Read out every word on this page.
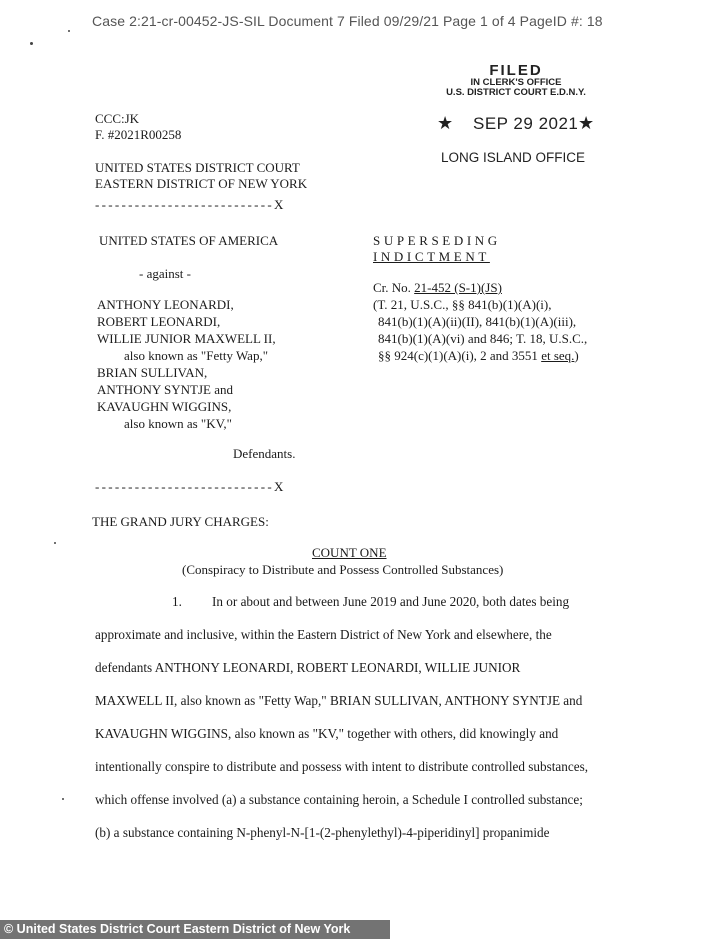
Case 2:21-cr-00452-JS-SIL Document 7 Filed 09/29/21 Page 1 of 4 PageID #: 18
FILED
IN CLERK'S OFFICE
U.S. DISTRICT COURT E.D.N.Y.
★ SEP 29 2021 ★
LONG ISLAND OFFICE
CCC:JK
F. #2021R00258
UNITED STATES DISTRICT COURT
EASTERN DISTRICT OF NEW YORK
---------------------------X
UNITED STATES OF AMERICA
- against -
ANTHONY LEONARDI,
ROBERT LEONARDI,
WILLIE JUNIOR MAXWELL II,
also known as "Fetty Wap,"
BRIAN SULLIVAN,
ANTHONY SYNTJE and
KAVAUGHN WIGGINS,
also known as "KV,"
Defendants.
---------------------------X
SUPERSEDING
INDICTMENT
Cr. No. 21-452 (S-1)(JS)
(T. 21, U.S.C., §§ 841(b)(1)(A)(i),
841(b)(1)(A)(ii)(II), 841(b)(1)(A)(iii),
841(b)(1)(A)(vi) and 846; T. 18, U.S.C.,
§§ 924(c)(1)(A)(i), 2 and 3551 et seq.)
THE GRAND JURY CHARGES:
COUNT ONE
(Conspiracy to Distribute and Possess Controlled Substances)
1. In or about and between June 2019 and June 2020, both dates being
approximate and inclusive, within the Eastern District of New York and elsewhere, the
defendants ANTHONY LEONARDI, ROBERT LEONARDI, WILLIE JUNIOR
MAXWELL II, also known as "Fetty Wap," BRIAN SULLIVAN, ANTHONY SYNTJE and
KAVAUGHN WIGGINS, also known as "KV," together with others, did knowingly and
intentionally conspire to distribute and possess with intent to distribute controlled substances,
which offense involved (a) a substance containing heroin, a Schedule I controlled substance;
(b) a substance containing N-phenyl-N-[1-(2-phenylethyl)-4-piperidinyl] propanimide
© United States District Court Eastern District of New York
